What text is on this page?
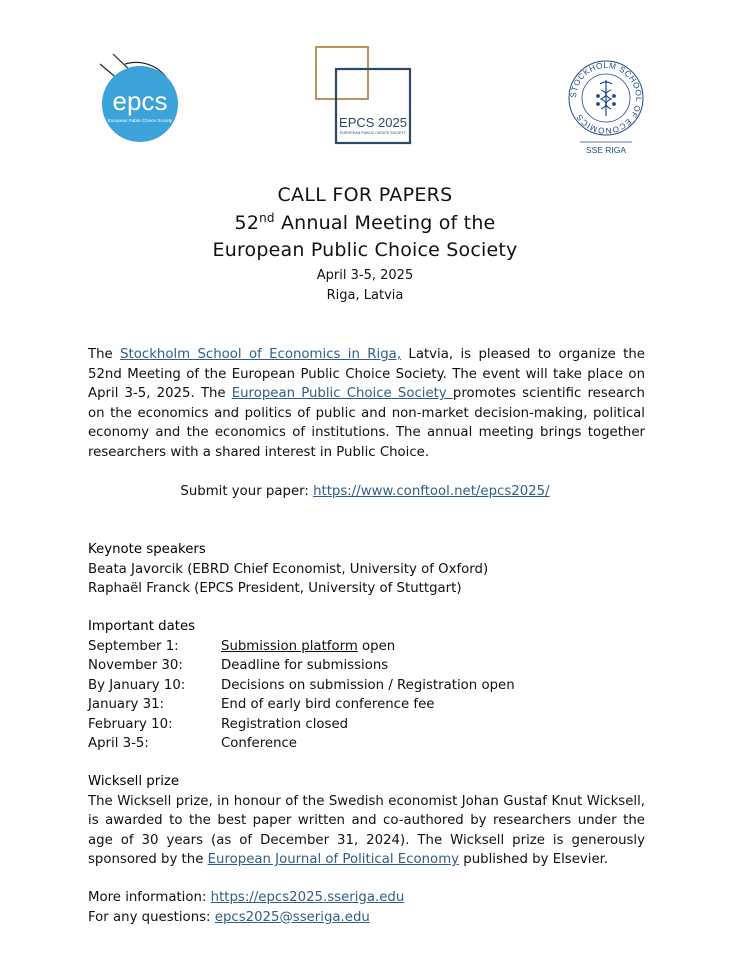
epcs
European Public Choice Society	EPCS 2025
EUROPEAN PUBLIC CHOICE SOCIETY
STOCKHOLM SCHOOL OF ECONOMICS
SSE RIGA
CALL FOR PAPERS
52nd Annual Meeting of the
European Public Choice Society
April 3-5, 2025
Riga, Latvia
The Stockholm School of Economics in Riga, Latvia, is pleased to organize the 52nd Meeting of the European Public Choice Society. The event will take place on April 3-5, 2025. The European Public Choice Society promotes scientific research on the economics and politics of public and non-market decision-making, political economy and the economics of institutions. The annual meeting brings together researchers with a shared interest in Public Choice.
Submit your paper: https://www.conftool.net/epcs2025/
Keynote speakers
Beata Javorcik (EBRD Chief Economist, University of Oxford)
Raphaël Franck (EPCS President, University of Stuttgart)
Important dates
September 1:	Submission platform open
November 30:	Deadline for submissions
By January 10:	Decisions on submission / Registration open
January 31:	End of early bird conference fee
February 10:	Registration closed
April 3-5:	Conference
Wicksell prize
The Wicksell prize, in honour of the Swedish economist Johan Gustaf Knut Wicksell, is awarded to the best paper written and co-authored by researchers under the age of 30 years (as of December 31, 2024). The Wicksell prize is generously sponsored by the European Journal of Political Economy published by Elsevier.
More information: https://epcs2025.sseriga.edu
For any questions: epcs2025@sseriga.edu
